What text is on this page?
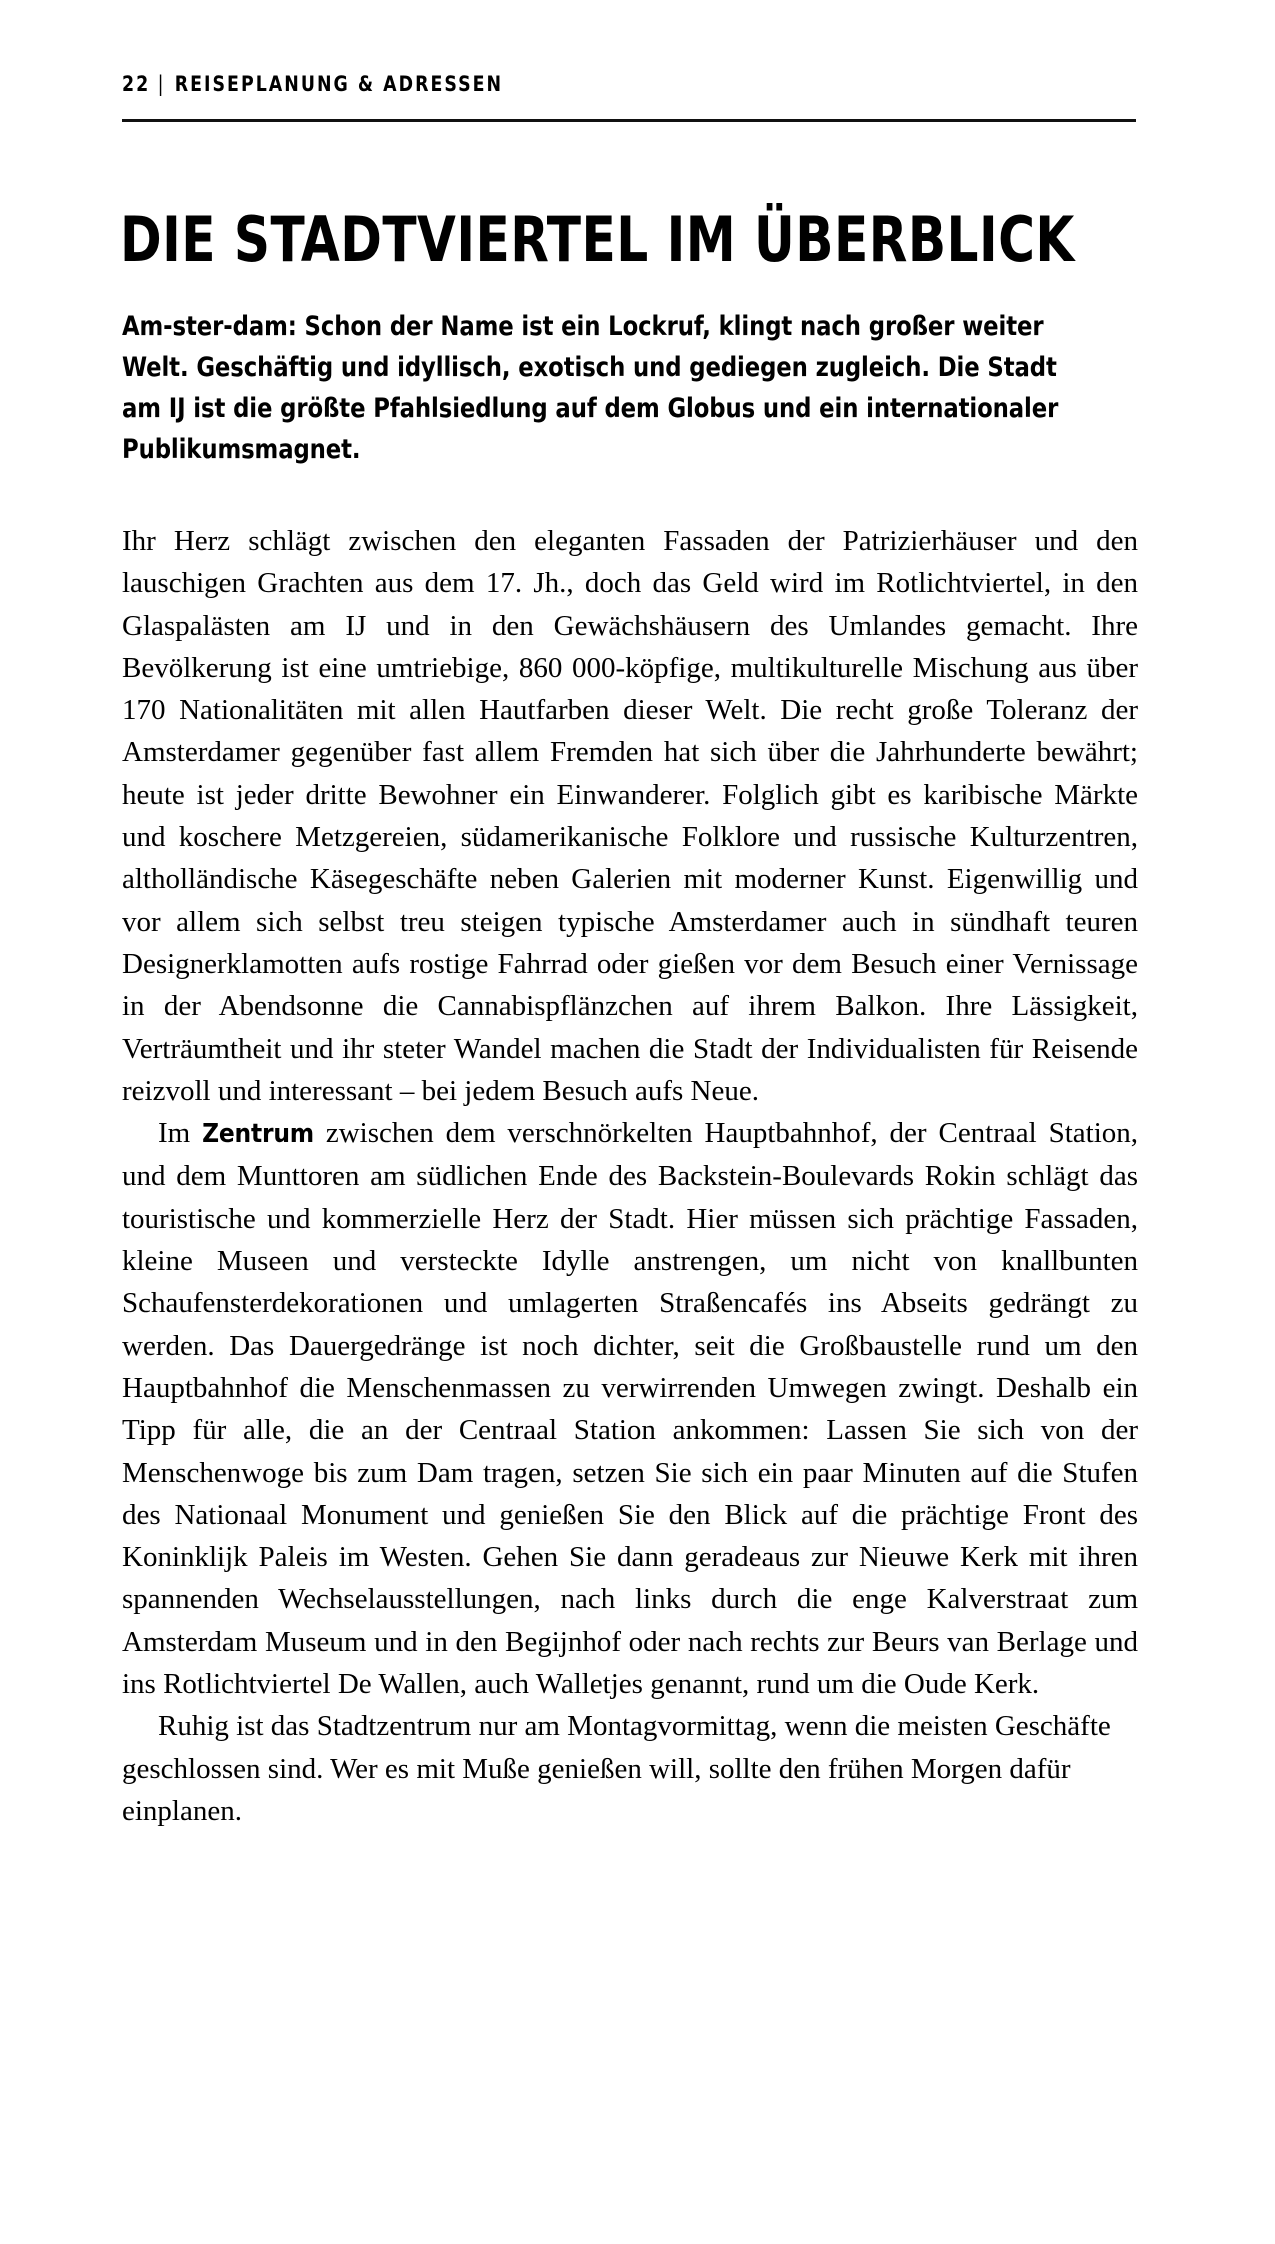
22 | REISEPLANUNG & ADRESSEN
DIE STADTVIERTEL IM ÜBERBLICK
Am-ster-dam: Schon der Name ist ein Lockruf, klingt nach großer weiter Welt. Geschäftig und idyllisch, exotisch und gediegen zugleich. Die Stadt am IJ ist die größte Pfahlsiedlung auf dem Globus und ein internationaler Publikumsmagnet.

Ihr Herz schlägt zwischen den eleganten Fassaden der Patrizierhäuser und den lauschigen Grachten aus dem 17. Jh., doch das Geld wird im Rotlichtviertel, in den Glaspalästen am IJ und in den Gewächshäusern des Umlandes gemacht. Ihre Bevölkerung ist eine umtriebige, 860 000-köpfige, multikulturelle Mischung aus über 170 Nationalitäten mit allen Hautfarben dieser Welt. Die recht große Toleranz der Amsterdamer gegenüber fast allem Fremden hat sich über die Jahrhunderte bewährt; heute ist jeder dritte Bewohner ein Einwanderer. Folglich gibt es karibische Märkte und koschere Metzgereien, südamerikanische Folklore und russische Kulturzentren, altholländische Käsegeschäfte neben Galerien mit moderner Kunst. Eigenwillig und vor allem sich selbst treu steigen typische Amsterdamer auch in sündhaft teuren Designerklamotten aufs rostige Fahrrad oder gießen vor dem Besuch einer Vernissage in der Abendsonne die Cannabispflänzchen auf ihrem Balkon. Ihre Lässigkeit, Verträumtheit und ihr steter Wandel machen die Stadt der Individualisten für Reisende reizvoll und interessant – bei jedem Besuch aufs Neue.

Im Zentrum zwischen dem verschnörkelten Hauptbahnhof, der Centraal Station, und dem Munttoren am südlichen Ende des Backstein-Boulevards Rokin schlägt das touristische und kommerzielle Herz der Stadt. Hier müssen sich prächtige Fassaden, kleine Museen und versteckte Idylle anstrengen, um nicht von knallbunten Schaufensterdekorationen und umlagerten Straßencafés ins Abseits gedrängt zu werden. Das Dauergedränge ist noch dichter, seit die Großbaustelle rund um den Hauptbahnhof die Menschenmassen zu verwirrenden Umwegen zwingt. Deshalb ein Tipp für alle, die an der Centraal Station ankommen: Lassen Sie sich von der Menschenwoge bis zum Dam tragen, setzen Sie sich ein paar Minuten auf die Stufen des Nationaal Monument und genießen Sie den Blick auf die prächtige Front des Koninklijk Paleis im Westen. Gehen Sie dann geradeaus zur Nieuwe Kerk mit ihren spannenden Wechselausstellungen, nach links durch die enge Kalverstraat zum Amsterdam Museum und in den Begijnhof oder nach rechts zur Beurs van Berlage und ins Rotlichtviertel De Wallen, auch Walletjes genannt, rund um die Oude Kerk.

Ruhig ist das Stadtzentrum nur am Montagvormittag, wenn die meisten Geschäfte geschlossen sind. Wer es mit Muße genießen will, sollte den frühen Morgen dafür einplanen.
